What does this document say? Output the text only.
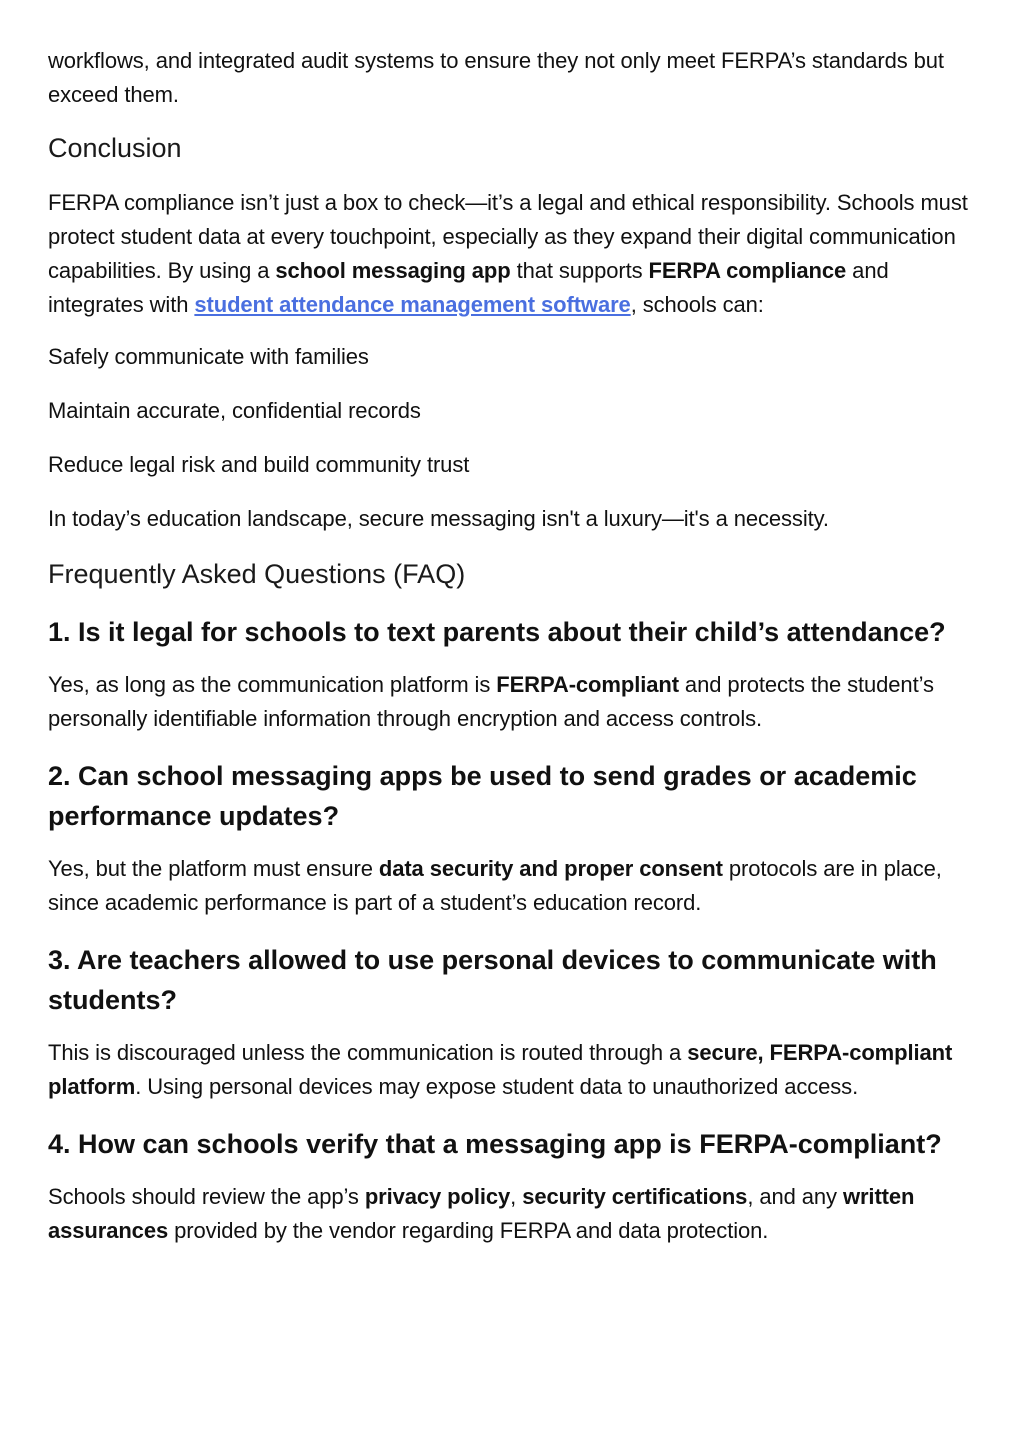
workflows, and integrated audit systems to ensure they not only meet FERPA’s standards but exceed them.

Conclusion

FERPA compliance isn’t just a box to check—it’s a legal and ethical responsibility. Schools must protect student data at every touchpoint, especially as they expand their digital communication capabilities. By using a school messaging app that supports FERPA compliance and integrates with student attendance management software, schools can:

Safely communicate with families

Maintain accurate, confidential records

Reduce legal risk and build community trust

In today’s education landscape, secure messaging isn't a luxury—it's a necessity.

Frequently Asked Questions (FAQ)
1. Is it legal for schools to text parents about their child’s attendance?

Yes, as long as the communication platform is FERPA-compliant and protects the student’s personally identifiable information through encryption and access controls.

2. Can school messaging apps be used to send grades or academic performance updates?

Yes, but the platform must ensure data security and proper consent protocols are in place, since academic performance is part of a student’s education record.

3. Are teachers allowed to use personal devices to communicate with students?

This is discouraged unless the communication is routed through a secure, FERPA-compliant platform. Using personal devices may expose student data to unauthorized access.

4. How can schools verify that a messaging app is FERPA-compliant?

Schools should review the app’s privacy policy, security certifications, and any written assurances provided by the vendor regarding FERPA and data protection.
